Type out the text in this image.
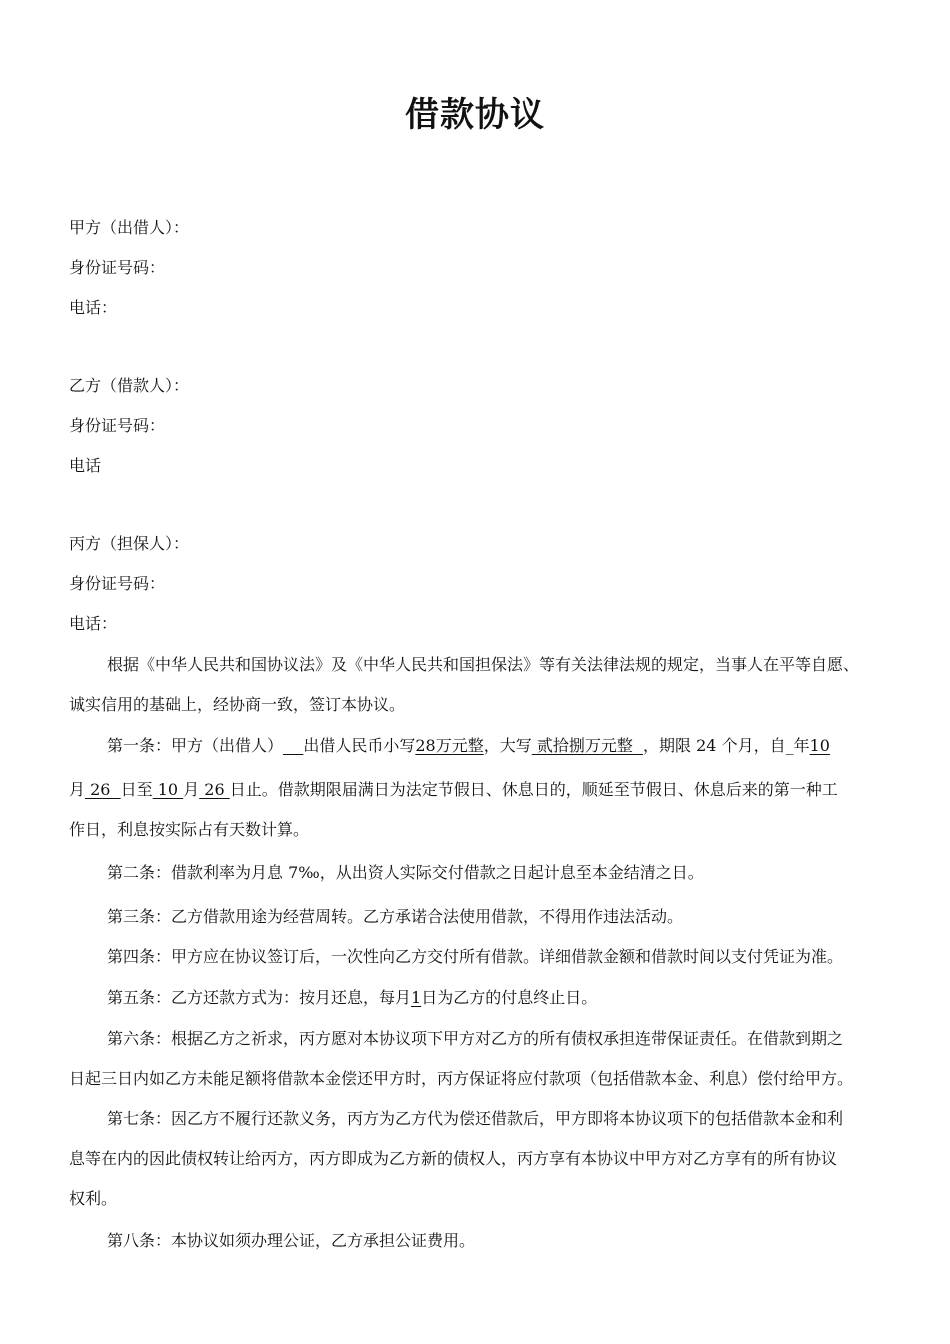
借款协议
甲方（出借人）：
身份证号码：
电话：
乙方（借款人）：
身份证号码：
电话
丙方（担保人）：
身份证号码：
电话：
根据《中华人民共和国协议法》及《中华人民共和国担保法》等有关法律法规的规定，当事人在平等自愿、
诚实信用的基础上，经协商一致，签订本协议。
第一条：甲方（出借人） 出借人民币小写28万元整，大写 贰拾捌万元整  ，期限 24 个月，自_年10
月 26  日至 10 月 26 日止。借款期限届满日为法定节假日、休息日的，顺延至节假日、休息后来的第一种工
作日，利息按实际占有天数计算。
第二条：借款利率为月息 7‰，从出资人实际交付借款之日起计息至本金结清之日。
第三条：乙方借款用途为经营周转。乙方承诺合法使用借款，不得用作违法活动。
第四条：甲方应在协议签订后，一次性向乙方交付所有借款。详细借款金额和借款时间以支付凭证为准。
第五条：乙方还款方式为：按月还息，每月1日为乙方的付息终止日。
第六条：根据乙方之祈求，丙方愿对本协议项下甲方对乙方的所有债权承担连带保证责任。在借款到期之
日起三日内如乙方未能足额将借款本金偿还甲方时，丙方保证将应付款项（包括借款本金、利息）偿付给甲方。
第七条：因乙方不履行还款义务，丙方为乙方代为偿还借款后，甲方即将本协议项下的包括借款本金和利
息等在内的因此债权转让给丙方，丙方即成为乙方新的债权人，丙方享有本协议中甲方对乙方享有的所有协议
权利。
第八条：本协议如须办理公证，乙方承担公证费用。
